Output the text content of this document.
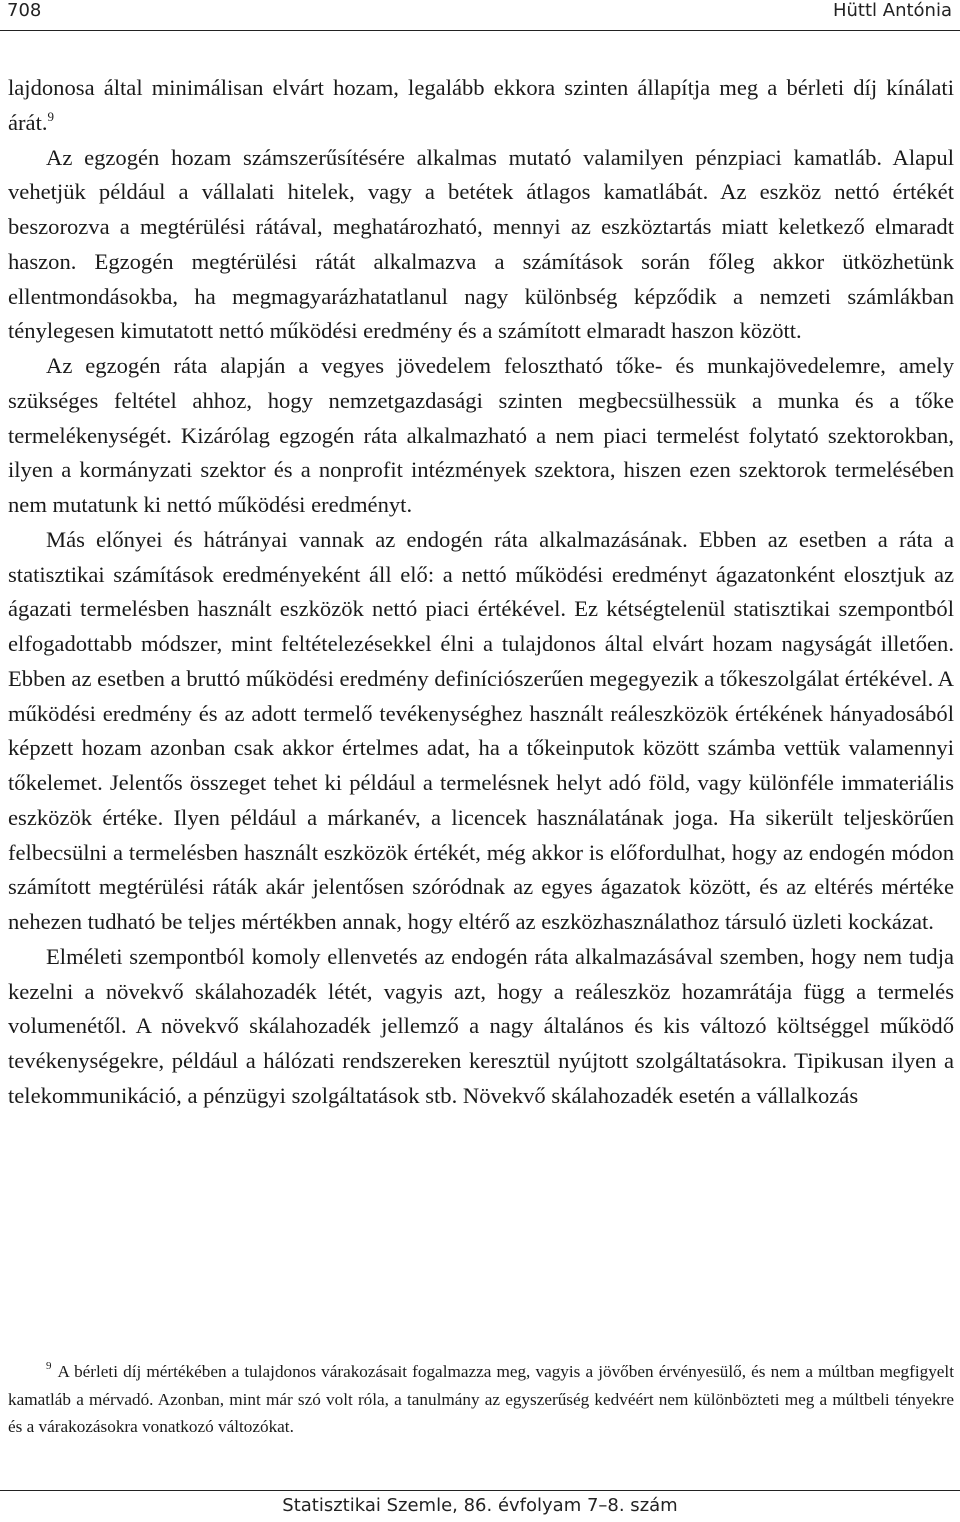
708	Hüttl Antónia

lajdonosa által minimálisan elvárt hozam, legalább ekkora szinten állapítja meg a bérleti díj kínálati árát.$^9$

Az egzogén hozam számszerűsítésére alkalmas mutató valamilyen pénzpiaci kamatláb. Alapul vehetjük például a vállalati hitelek, vagy a betétek átlagos kamatlábát. Az eszköz nettó értékét beszorozva a megtérülési rátával, meghatározható, mennyi az eszköztartás miatt keletkező elmaradt haszon. Egzogén megtérülési rátát alkalmazva a számítások során főleg akkor ütközhetünk ellentmondásokba, ha megmagyarázhatatlanul nagy különbség képződik a nemzeti számlákban ténylegesen kimutatott nettó működési eredmény és a számított elmaradt haszon között.

Az egzogén ráta alapján a vegyes jövedelem felosztható tőke- és munkajövedelemre, amely szükséges feltétel ahhoz, hogy nemzetgazdasági szinten megbecsülhessük a munka és a tőke termelékenységét. Kizárólag egzogén ráta alkalmazható a nem piaci termelést folytató szektorokban, ilyen a kormányzati szektor és a nonprofit intézmények szektora, hiszen ezen szektorok termelésében nem mutatunk ki nettó működési eredményt.

Más előnyei és hátrányai vannak az endogén ráta alkalmazásának. Ebben az esetben a ráta a statisztikai számítások eredményeként áll elő: a nettó működési eredményt ágazatonként elosztjuk az ágazati termelésben használt eszközök nettó piaci értékével. Ez kétségtelenül statisztikai szempontból elfogadottabb módszer, mint feltételezésekkel élni a tulajdonos által elvárt hozam nagyságát illetően. Ebben az esetben a bruttó működési eredmény definíciószerűen megegyezik a tőkeszolgálat értékével. A működési eredmény és az adott termelő tevékenységhez használt reáleszközök értékének hányadosából képzett hozam azonban csak akkor értelmes adat, ha a tőkeinputok között számba vettük valamennyi tőkelemet. Jelentős összeget tehet ki például a termelésnek helyt adó föld, vagy különféle immateriális eszközök értéke. Ilyen például a márkanév, a licencek használatának joga. Ha sikerült teljeskörűen felbecsülni a termelésben használt eszközök értékét, még akkor is előfordulhat, hogy az endogén módon számított megtérülési ráták akár jelentősen szóródnak az egyes ágazatok között, és az eltérés mértéke nehezen tudható be teljes mértékben annak, hogy eltérő az eszközhasználathoz társuló üzleti kockázat.

Elméleti szempontból komoly ellenvetés az endogén ráta alkalmazásával szemben, hogy nem tudja kezelni a növekvő skálahozadék létét, vagyis azt, hogy a reáleszköz hozamrátája függ a termelés volumenétől. A növekvő skálahozadék jellemző a nagy általános és kis változó költséggel működő tevékenységekre, például a hálózati rendszereken keresztül nyújtott szolgáltatásokra. Tipikusan ilyen a telekommunikáció, a pénzügyi szolgáltatások stb. Növekvő skálahozadék esetén a vállalkozás

$^9$ A bérleti díj mértékében a tulajdonos várakozásait fogalmazza meg, vagyis a jövőben érvényesülő, és nem a múltban megfigyelt kamatláb a mérvadó. Azonban, mint már szó volt róla, a tanulmány az egyszerűség kedvéért nem különbözteti meg a múltbeli tényekre és a várakozásokra vonatkozó változókat.

Statisztikai Szemle, 86. évfolyam 7–8. szám
